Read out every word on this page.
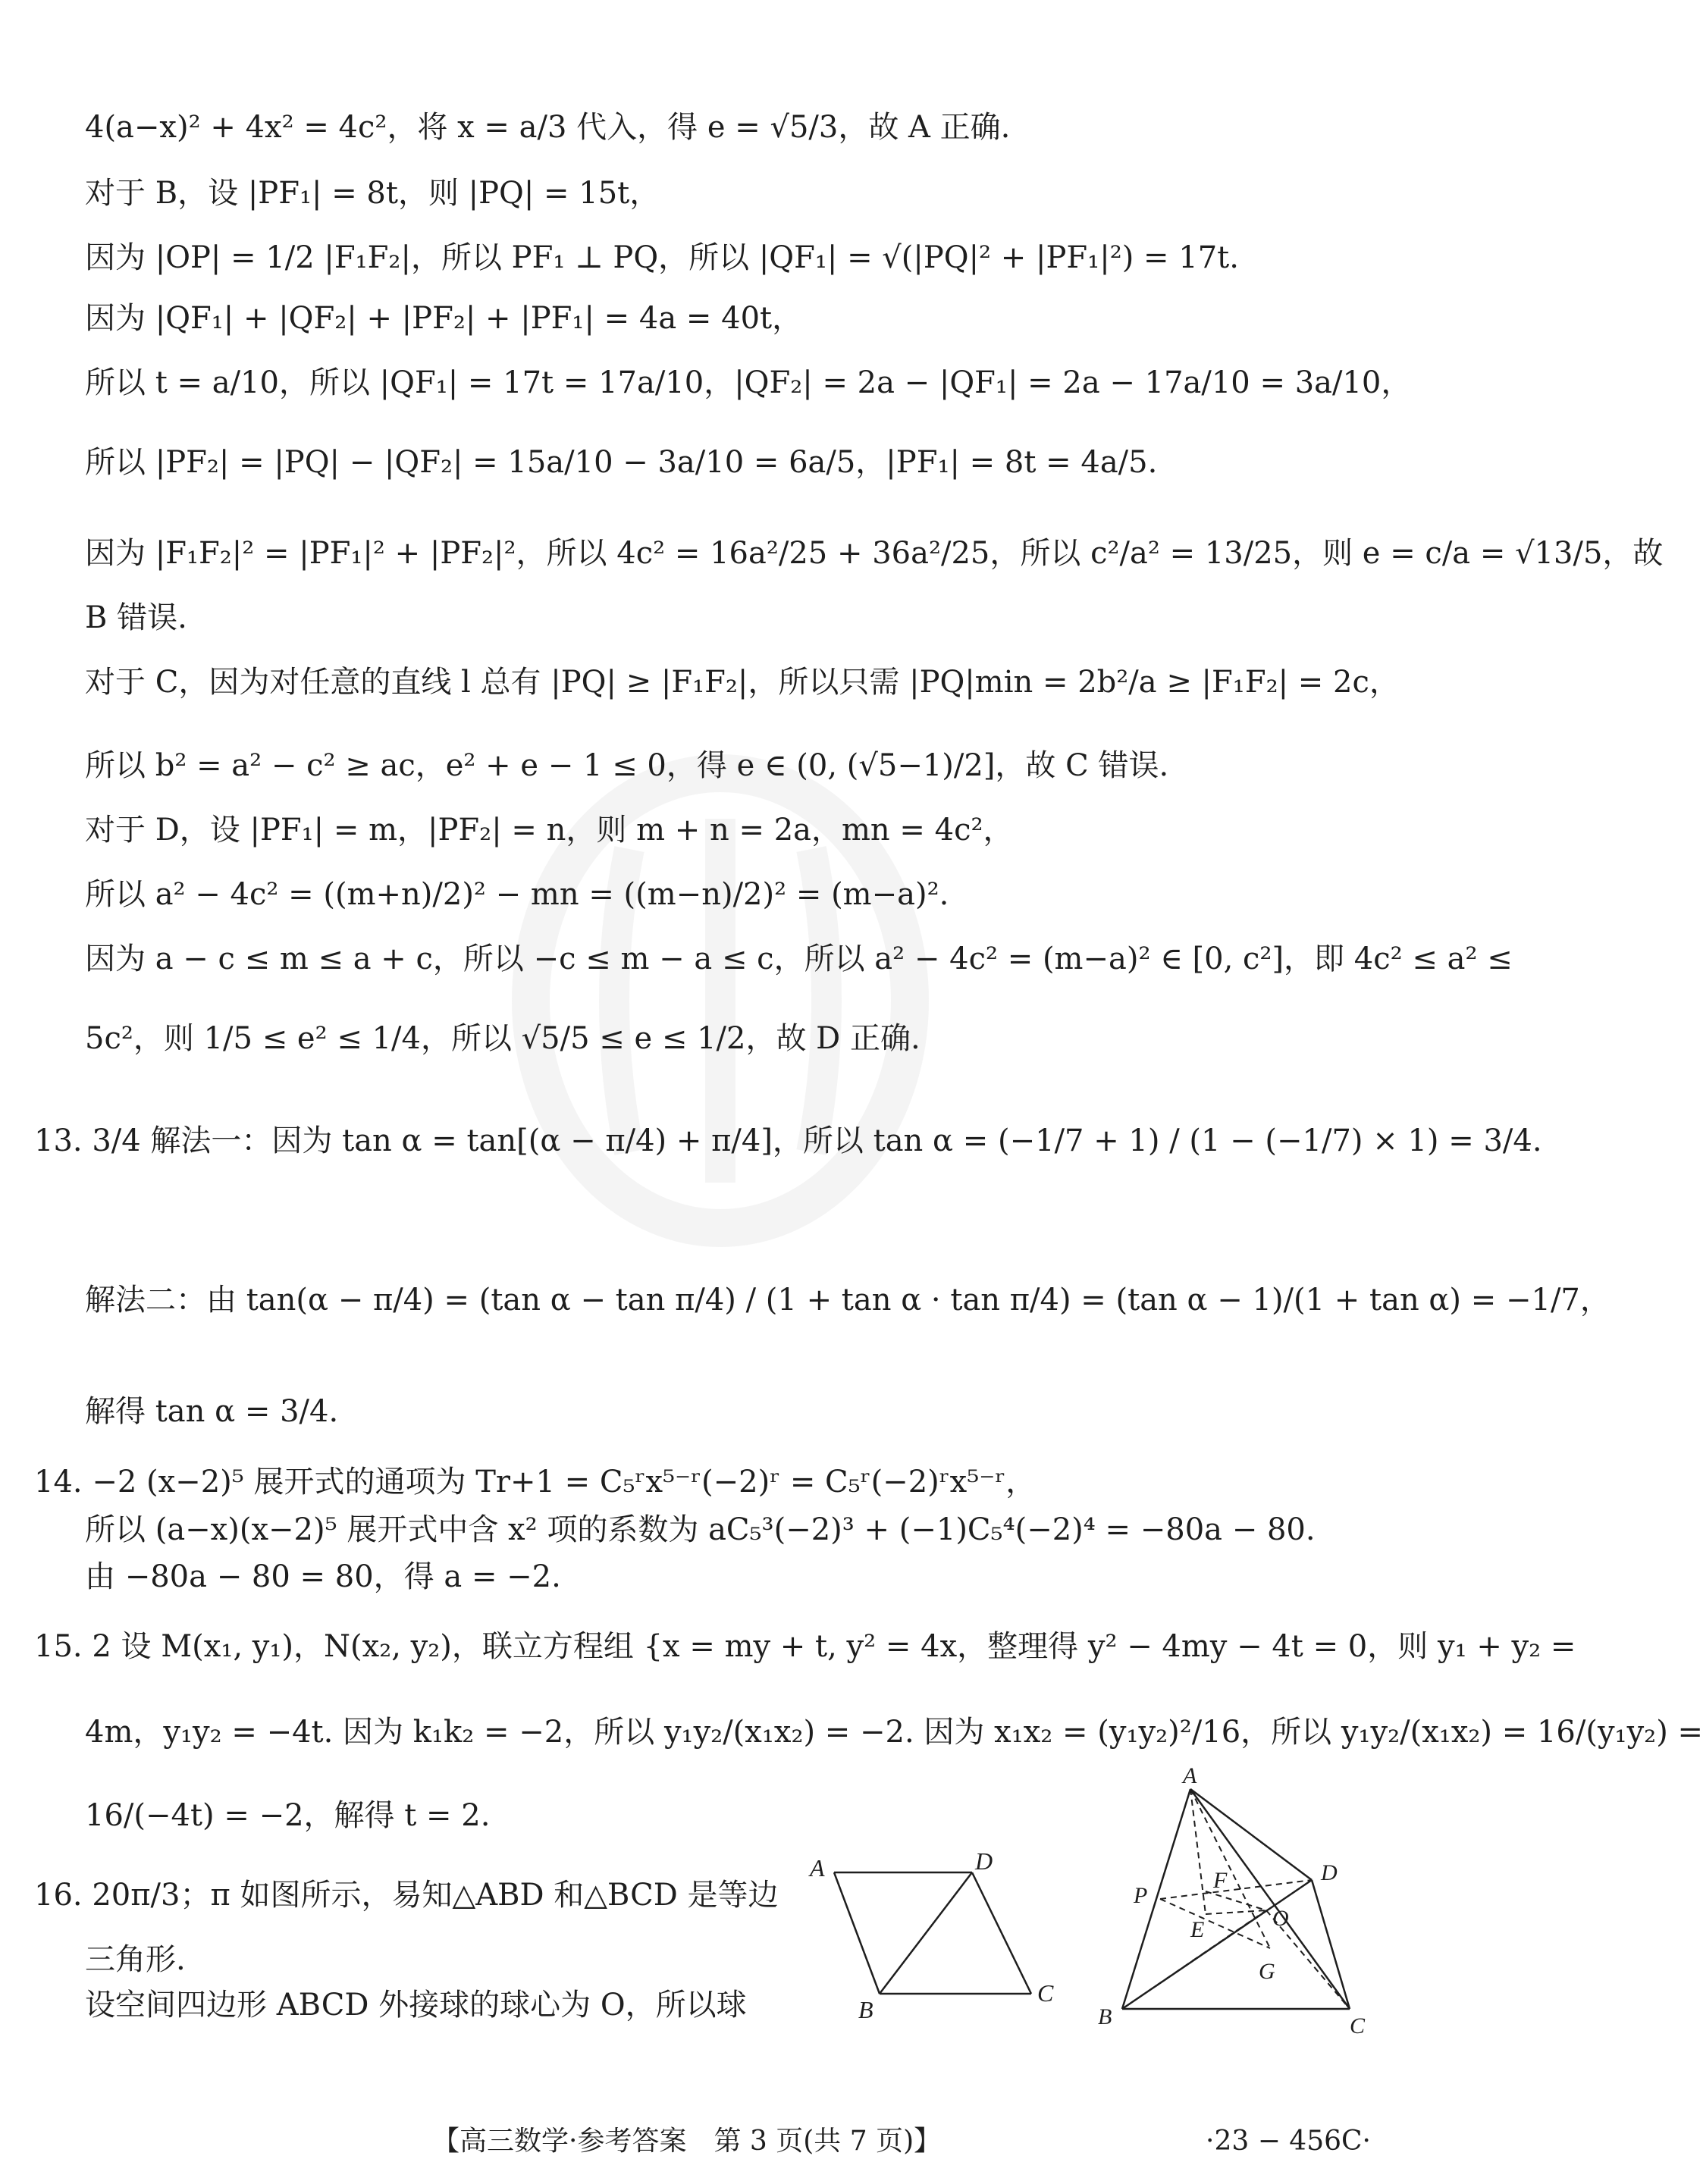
4(a−x)² + 4x² = 4c²，将 x = a/3 代入，得 e = √5/3，故 A 正确.
对于 B，设 |PF₁| = 8t，则 |PQ| = 15t，
因为 |OP| = 1/2 |F₁F₂|，所以 PF₁ ⊥ PQ，所以 |QF₁| = √(|PQ|² + |PF₁|²) = 17t.
因为 |QF₁| + |QF₂| + |PF₂| + |PF₁| = 4a = 40t，
所以 t = a/10，所以 |QF₁| = 17t = 17a/10，|QF₂| = 2a − |QF₁| = 2a − 17a/10 = 3a/10，
所以 |PF₂| = |PQ| − |QF₂| = 15a/10 − 3a/10 = 6a/5，|PF₁| = 8t = 4a/5.
因为 |F₁F₂|² = |PF₁|² + |PF₂|²，所以 4c² = 16a²/25 + 36a²/25，所以 c²/a² = 13/25，则 e = c/a = √13/5，故
B 错误.
对于 C，因为对任意的直线 l 总有 |PQ| ≥ |F₁F₂|，所以只需 |PQ|min = 2b²/a ≥ |F₁F₂| = 2c，
所以 b² = a² − c² ≥ ac，e² + e − 1 ≤ 0，得 e ∈ (0, (√5−1)/2]，故 C 错误.
对于 D，设 |PF₁| = m，|PF₂| = n，则 m + n = 2a，mn = 4c²，
所以 a² − 4c² = ((m+n)/2)² − mn = ((m−n)/2)² = (m−a)².
因为 a − c ≤ m ≤ a + c，所以 −c ≤ m − a ≤ c，所以 a² − 4c² = (m−a)² ∈ [0, c²]，即 4c² ≤ a² ≤
5c²，则 1/5 ≤ e² ≤ 1/4，所以 √5/5 ≤ e ≤ 1/2，故 D 正确.
13. 3/4 解法一：因为 tan α = tan[(α − π/4) + π/4]，所以 tan α = (−1/7 + 1) / (1 − (−1/7) × 1) = 3/4.
解法二：由 tan(α − π/4) = (tan α − tan π/4) / (1 + tan α · tan π/4) = (tan α − 1)/(1 + tan α) = −1/7，
解得 tan α = 3/4.
14. −2 (x−2)⁵ 展开式的通项为 Tr+1 = C₅ʳx⁵⁻ʳ(−2)ʳ = C₅ʳ(−2)ʳx⁵⁻ʳ，
所以 (a−x)(x−2)⁵ 展开式中含 x² 项的系数为 aC₅³(−2)³ + (−1)C₅⁴(−2)⁴ = −80a − 80.
由 −80a − 80 = 80，得 a = −2.
15. 2 设 M(x₁, y₁)，N(x₂, y₂)，联立方程组 {x = my + t, y² = 4x，整理得 y² − 4my − 4t = 0，则 y₁ + y₂ =
4m，y₁y₂ = −4t. 因为 k₁k₂ = −2，所以 y₁y₂/(x₁x₂) = −2. 因为 x₁x₂ = (y₁y₂)²/16，所以 y₁y₂/(x₁x₂) = 16/(y₁y₂) =
16/(−4t) = −2，解得 t = 2.
16. 20π/3；π 如图所示，易知△ABD 和△BCD 是等边
三角形.
设空间四边形 ABCD 外接球的球心为 O，所以球
A	D
B
C
A
D
P
F
E	O
G
B	C
【高三数学·参考答案　第 3 页(共 7 页)】	·23 − 456C·
